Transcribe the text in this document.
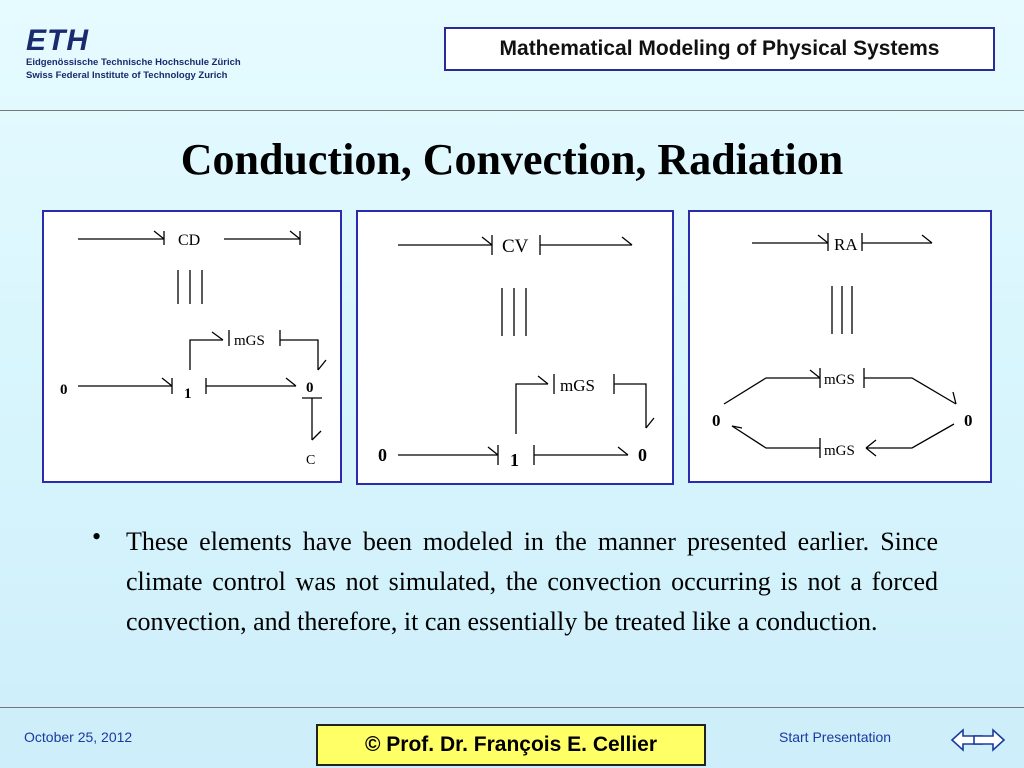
ETH
Eidgenössische Technische Hochschule Zürich
Swiss Federal Institute of Technology Zurich
Mathematical Modeling of Physical Systems
Conduction, Convection, Radiation
CD
mGS
0	1	0
C
CV
mGS
0	1	0
RA
mGS
0	0
mGS
• These elements have been modeled in the manner presented earlier. Since climate control was not simulated, the convection occurring is not a forced convection, and therefore, it can essentially be treated like a conduction.

October 25, 2012	© Prof. Dr. François E. Cellier	Start Presentation
